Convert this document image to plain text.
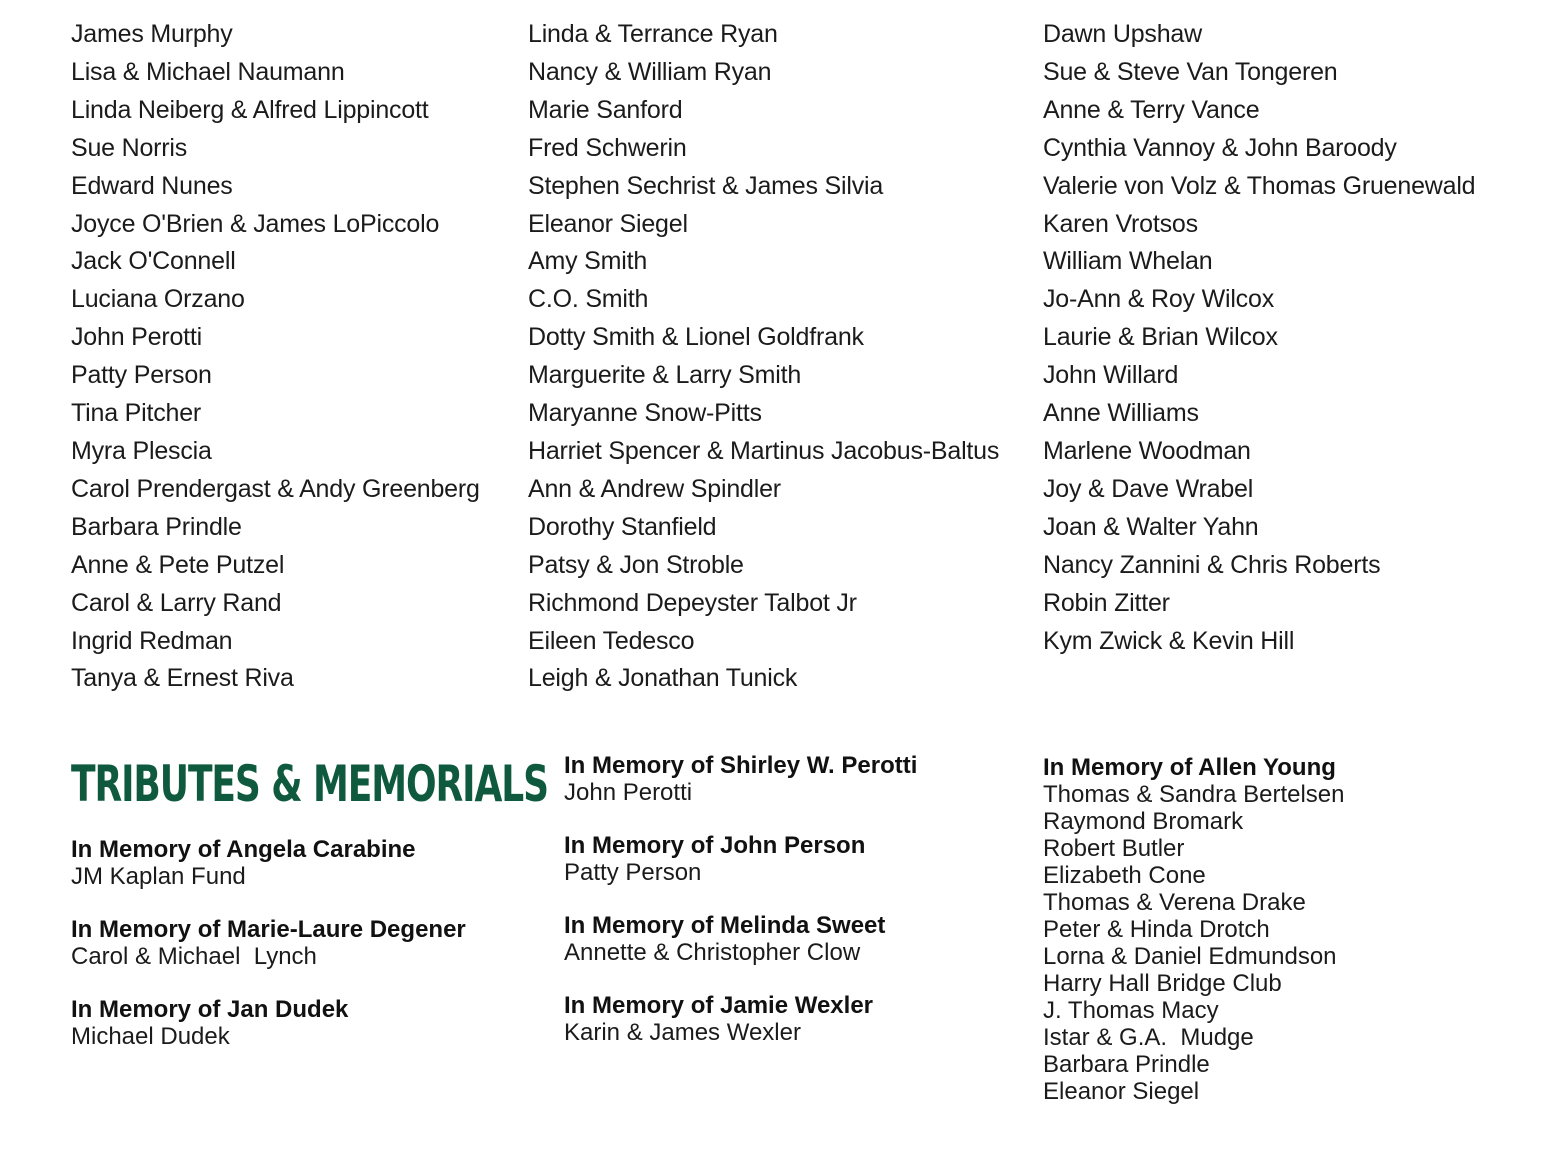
James Murphy
Lisa & Michael Naumann
Linda Neiberg & Alfred Lippincott
Sue Norris
Edward Nunes
Joyce O'Brien & James LoPiccolo
Jack O'Connell
Luciana Orzano
John Perotti
Patty Person
Tina Pitcher
Myra Plescia
Carol Prendergast & Andy Greenberg
Barbara Prindle
Anne & Pete Putzel
Carol & Larry Rand
Ingrid Redman
Tanya & Ernest Riva
Linda & Terrance Ryan
Nancy & William Ryan
Marie Sanford
Fred Schwerin
Stephen Sechrist & James Silvia
Eleanor Siegel
Amy Smith
C.O. Smith
Dotty Smith & Lionel Goldfrank
Marguerite & Larry Smith
Maryanne Snow-Pitts
Harriet Spencer & Martinus Jacobus-Baltus
Ann & Andrew Spindler
Dorothy Stanfield
Patsy & Jon Stroble
Richmond Depeyster Talbot Jr
Eileen Tedesco
Leigh & Jonathan Tunick
Dawn Upshaw
Sue & Steve Van Tongeren
Anne & Terry Vance
Cynthia Vannoy & John Baroody
Valerie von Volz & Thomas Gruenewald
Karen Vrotsos
William Whelan
Jo-Ann & Roy Wilcox
Laurie & Brian Wilcox
John Willard
Anne Williams
Marlene Woodman
Joy & Dave Wrabel
Joan & Walter Yahn
Nancy Zannini & Chris Roberts
Robin Zitter
Kym Zwick & Kevin Hill
TRIBUTES & MEMORIALS
In Memory of Angela Carabine
JM Kaplan Fund
In Memory of Marie-Laure Degener
Carol & Michael  Lynch
In Memory of Jan Dudek
Michael Dudek
In Memory of Shirley W. Perotti
John Perotti
In Memory of John Person
Patty Person
In Memory of Melinda Sweet
Annette & Christopher Clow
In Memory of Jamie Wexler
Karin & James Wexler
In Memory of Allen Young
Thomas & Sandra Bertelsen
Raymond Bromark
Robert Butler
Elizabeth Cone
Thomas & Verena Drake
Peter & Hinda Drotch
Lorna & Daniel Edmundson
Harry Hall Bridge Club
J. Thomas Macy
Istar & G.A.  Mudge
Barbara Prindle
Eleanor Siegel
